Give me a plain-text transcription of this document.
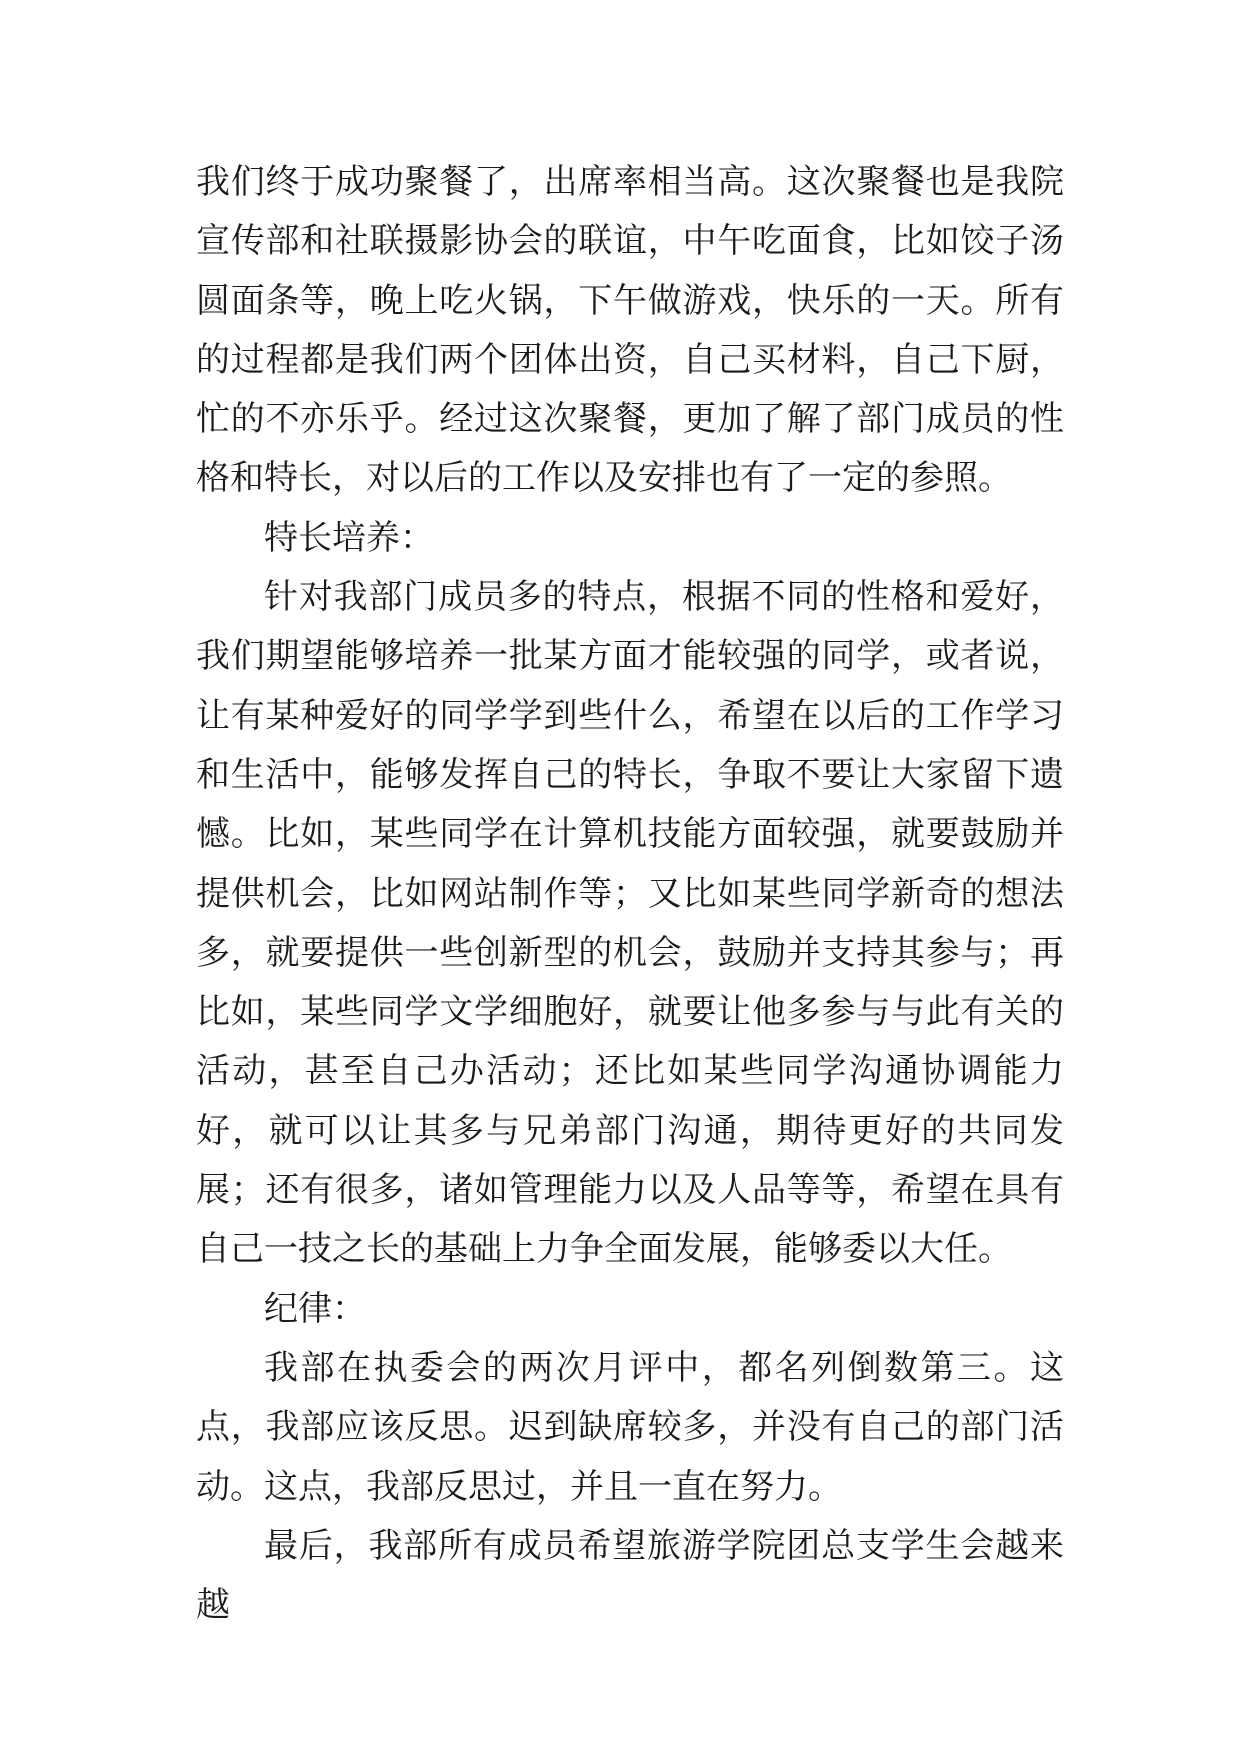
我们终于成功聚餐了，出席率相当高。这次聚餐也是我院宣传部和社联摄影协会的联谊，中午吃面食，比如饺子汤圆面条等，晚上吃火锅，下午做游戏，快乐的一天。所有的过程都是我们两个团体出资，自己买材料，自己下厨，忙的不亦乐乎。经过这次聚餐，更加了解了部门成员的性格和特长，对以后的工作以及安排也有了一定的参照。

特长培养：

针对我部门成员多的特点，根据不同的性格和爱好，我们期望能够培养一批某方面才能较强的同学，或者说，让有某种爱好的同学学到些什么，希望在以后的工作学习和生活中，能够发挥自己的特长，争取不要让大家留下遗憾。比如，某些同学在计算机技能方面较强，就要鼓励并提供机会，比如网站制作等；又比如某些同学新奇的想法多，就要提供一些创新型的机会，鼓励并支持其参与；再比如，某些同学文学细胞好，就要让他多参与与此有关的活动，甚至自己办活动；还比如某些同学沟通协调能力好，就可以让其多与兄弟部门沟通，期待更好的共同发展；还有很多，诸如管理能力以及人品等等，希望在具有自己一技之长的基础上力争全面发展，能够委以大任。

纪律：

我部在执委会的两次月评中，都名列倒数第三。这点，我部应该反思。迟到缺席较多，并没有自己的部门活动。这点，我部反思过，并且一直在努力。

最后，我部所有成员希望旅游学院团总支学生会越来越
